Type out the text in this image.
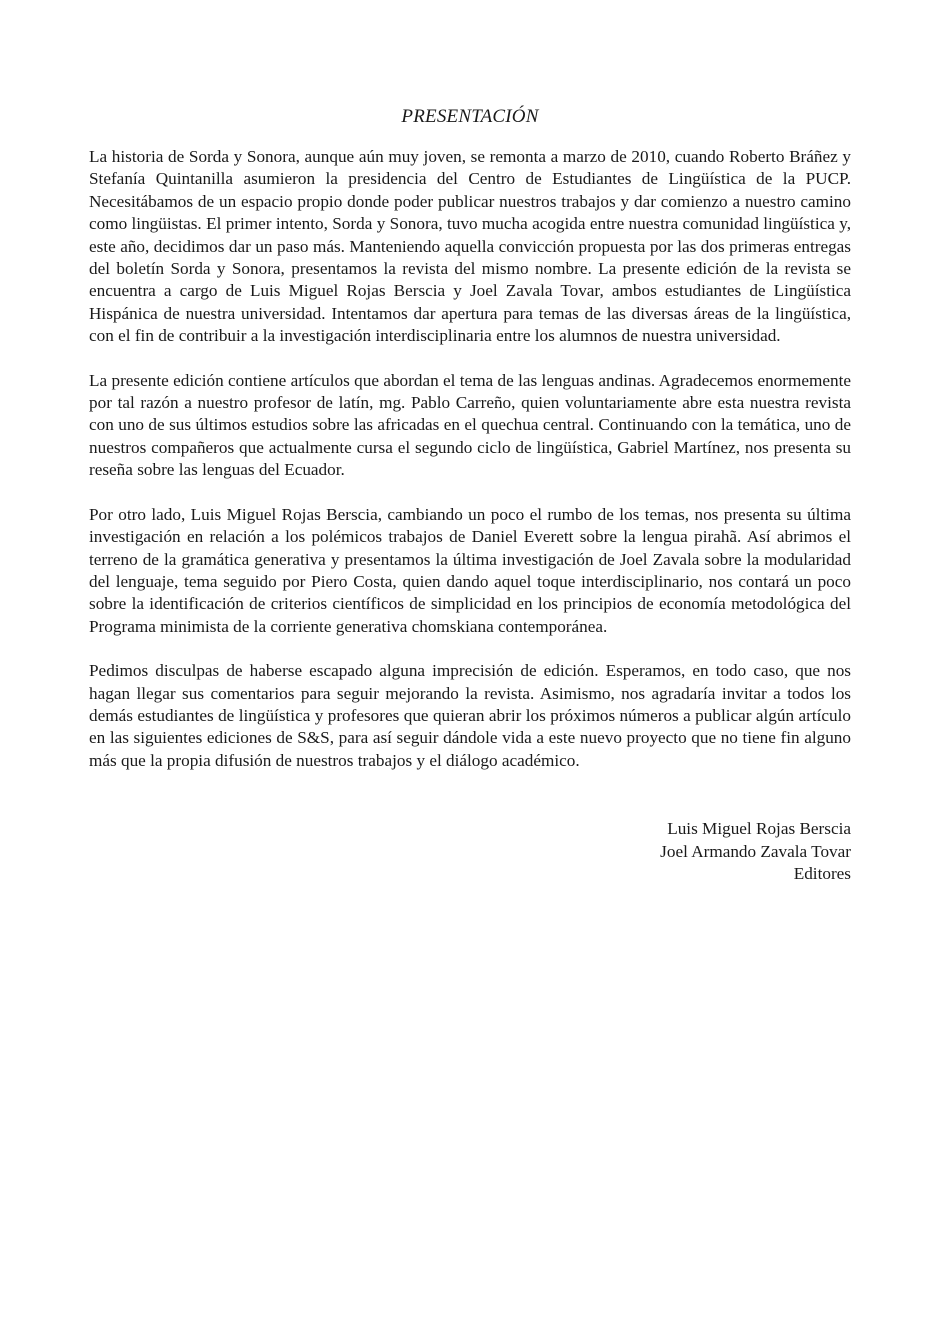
PRESENTACIÓN

La historia de Sorda y Sonora, aunque aún muy joven, se remonta a marzo de 2010, cuando Roberto Bráñez y Stefanía Quintanilla asumieron la presidencia del Centro de Estudiantes de Lingüística de la PUCP. Necesitábamos de un espacio propio donde poder publicar nuestros trabajos y dar comienzo a nuestro camino como lingüistas. El primer intento, Sorda y Sonora, tuvo mucha acogida entre nuestra comunidad lingüística y, este año, decidimos dar un paso más. Manteniendo aquella convicción propuesta por las dos primeras entregas del boletín Sorda y Sonora, presentamos la revista del mismo nombre. La presente edición de la revista se encuentra a cargo de Luis Miguel Rojas Berscia y Joel Zavala Tovar, ambos estudiantes de Lingüística Hispánica de nuestra universidad. Intentamos dar apertura para temas de las diversas áreas de la lingüística, con el fin de contribuir a la investigación interdisciplinaria entre los alumnos de nuestra universidad.

La presente edición contiene artículos que abordan el tema de las lenguas andinas. Agradecemos enormemente por tal razón a nuestro profesor de latín, mg. Pablo Carreño, quien voluntariamente abre esta nuestra revista con uno de sus últimos estudios sobre las africadas en el quechua central. Continuando con la temática, uno de nuestros compañeros que actualmente cursa el segundo ciclo de lingüística, Gabriel Martínez, nos presenta su reseña sobre las lenguas del Ecuador.

Por otro lado, Luis Miguel Rojas Berscia, cambiando un poco el rumbo de los temas, nos presenta su última investigación en relación a los polémicos trabajos de Daniel Everett sobre la lengua pirahã. Así abrimos el terreno de la gramática generativa y presentamos la última investigación de Joel Zavala sobre la modularidad del lenguaje, tema seguido por Piero Costa, quien dando aquel toque interdisciplinario, nos contará un poco sobre la identificación de criterios científicos de simplicidad en los principios de economía metodológica del Programa minimista de la corriente generativa chomskiana contemporánea.

Pedimos disculpas de haberse escapado alguna imprecisión de edición. Esperamos, en todo caso, que nos hagan llegar sus comentarios para seguir mejorando la revista. Asimismo, nos agradaría invitar a todos los demás estudiantes de lingüística y profesores que quieran abrir los próximos números a publicar algún artículo en las siguientes ediciones de S&S, para así seguir dándole vida a este nuevo proyecto que no tiene fin alguno más que la propia difusión de nuestros trabajos y el diálogo académico.

Luis Miguel Rojas Berscia
Joel Armando Zavala Tovar
Editores
